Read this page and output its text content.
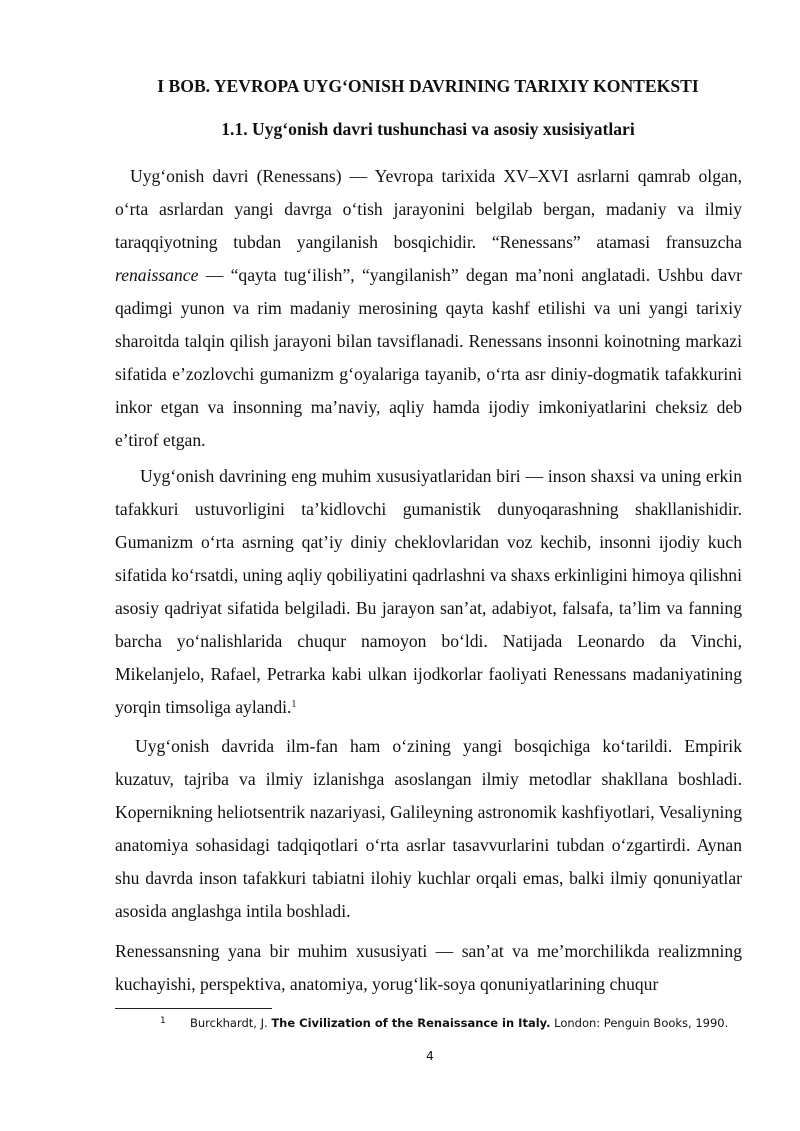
I BOB. YEVROPA UYG‘ONISH DAVRINING TARIXIY KONTEKSTI
1.1. Uyg‘onish davri tushunchasi va asosiy xusisiyatlari

Uyg‘onish davri (Renessans) — Yevropa tarixida XV–XVI asrlarni qamrab olgan, o‘rta asrlardan yangi davrga o‘tish jarayonini belgilab bergan, madaniy va ilmiy taraqqiyotning tubdan yangilanish bosqichidir. “Renessans” atamasi fransuzcha renaissance — “qayta tug‘ilish”, “yangilanish” degan ma’noni anglatadi. Ushbu davr qadimgi yunon va rim madaniy merosining qayta kashf etilishi va uni yangi tarixiy sharoitda talqin qilish jarayoni bilan tavsiflanadi. Renessans insonni koinotning markazi sifatida e’zozlovchi gumanizm g‘oyalariga tayanib, o‘rta asr diniy-dogmatik tafakkurini inkor etgan va insonning ma’naviy, aqliy hamda ijodiy imkoniyatlarini cheksiz deb e’tirof etgan.

Uyg‘onish davrining eng muhim xususiyatlaridan biri — inson shaxsi va uning erkin tafakkuri ustuvorligini ta’kidlovchi gumanistik dunyoqarashning shakllanishidir. Gumanizm o‘rta asrning qat’iy diniy cheklovlaridan voz kechib, insonni ijodiy kuch sifatida ko‘rsatdi, uning aqliy qobiliyatini qadrlashni va shaxs erkinligini himoya qilishni asosiy qadriyat sifatida belgiladi. Bu jarayon san’at, adabiyot, falsafa, ta’lim va fanning barcha yo‘nalishlarida chuqur namoyon bo‘ldi. Natijada Leonardo da Vinchi, Mikelanjelo, Rafael, Petrarka kabi ulkan ijodkorlar faoliyati Renessans madaniyatining yorqin timsoliga aylandi.$^1$

Uyg‘onish davrida ilm-fan ham o‘zining yangi bosqichiga ko‘tarildi. Empirik kuzatuv, tajriba va ilmiy izlanishga asoslangan ilmiy metodlar shakllana boshladi. Kopernikning heliotsentrik nazariyasi, Galileyning astronomik kashfiyotlari, Vesaliyning anatomiya sohasidagi tadqiqotlari o‘rta asrlar tasavvurlarini tubdan o‘zgartirdi. Aynan shu davrda inson tafakkuri tabiatni ilohiy kuchlar orqali emas, balki ilmiy qonuniyatlar asosida anglashga intila boshladi.

Renessansning yana bir muhim xususiyati — san’at va me’morchilikda realizmning kuchayishi, perspektiva, anatomiya, yorug‘lik-soya qonuniyatlarining chuqur

1 Burckhardt, J. The Civilization of the Renaissance in Italy. London: Penguin Books, 1990.
4
